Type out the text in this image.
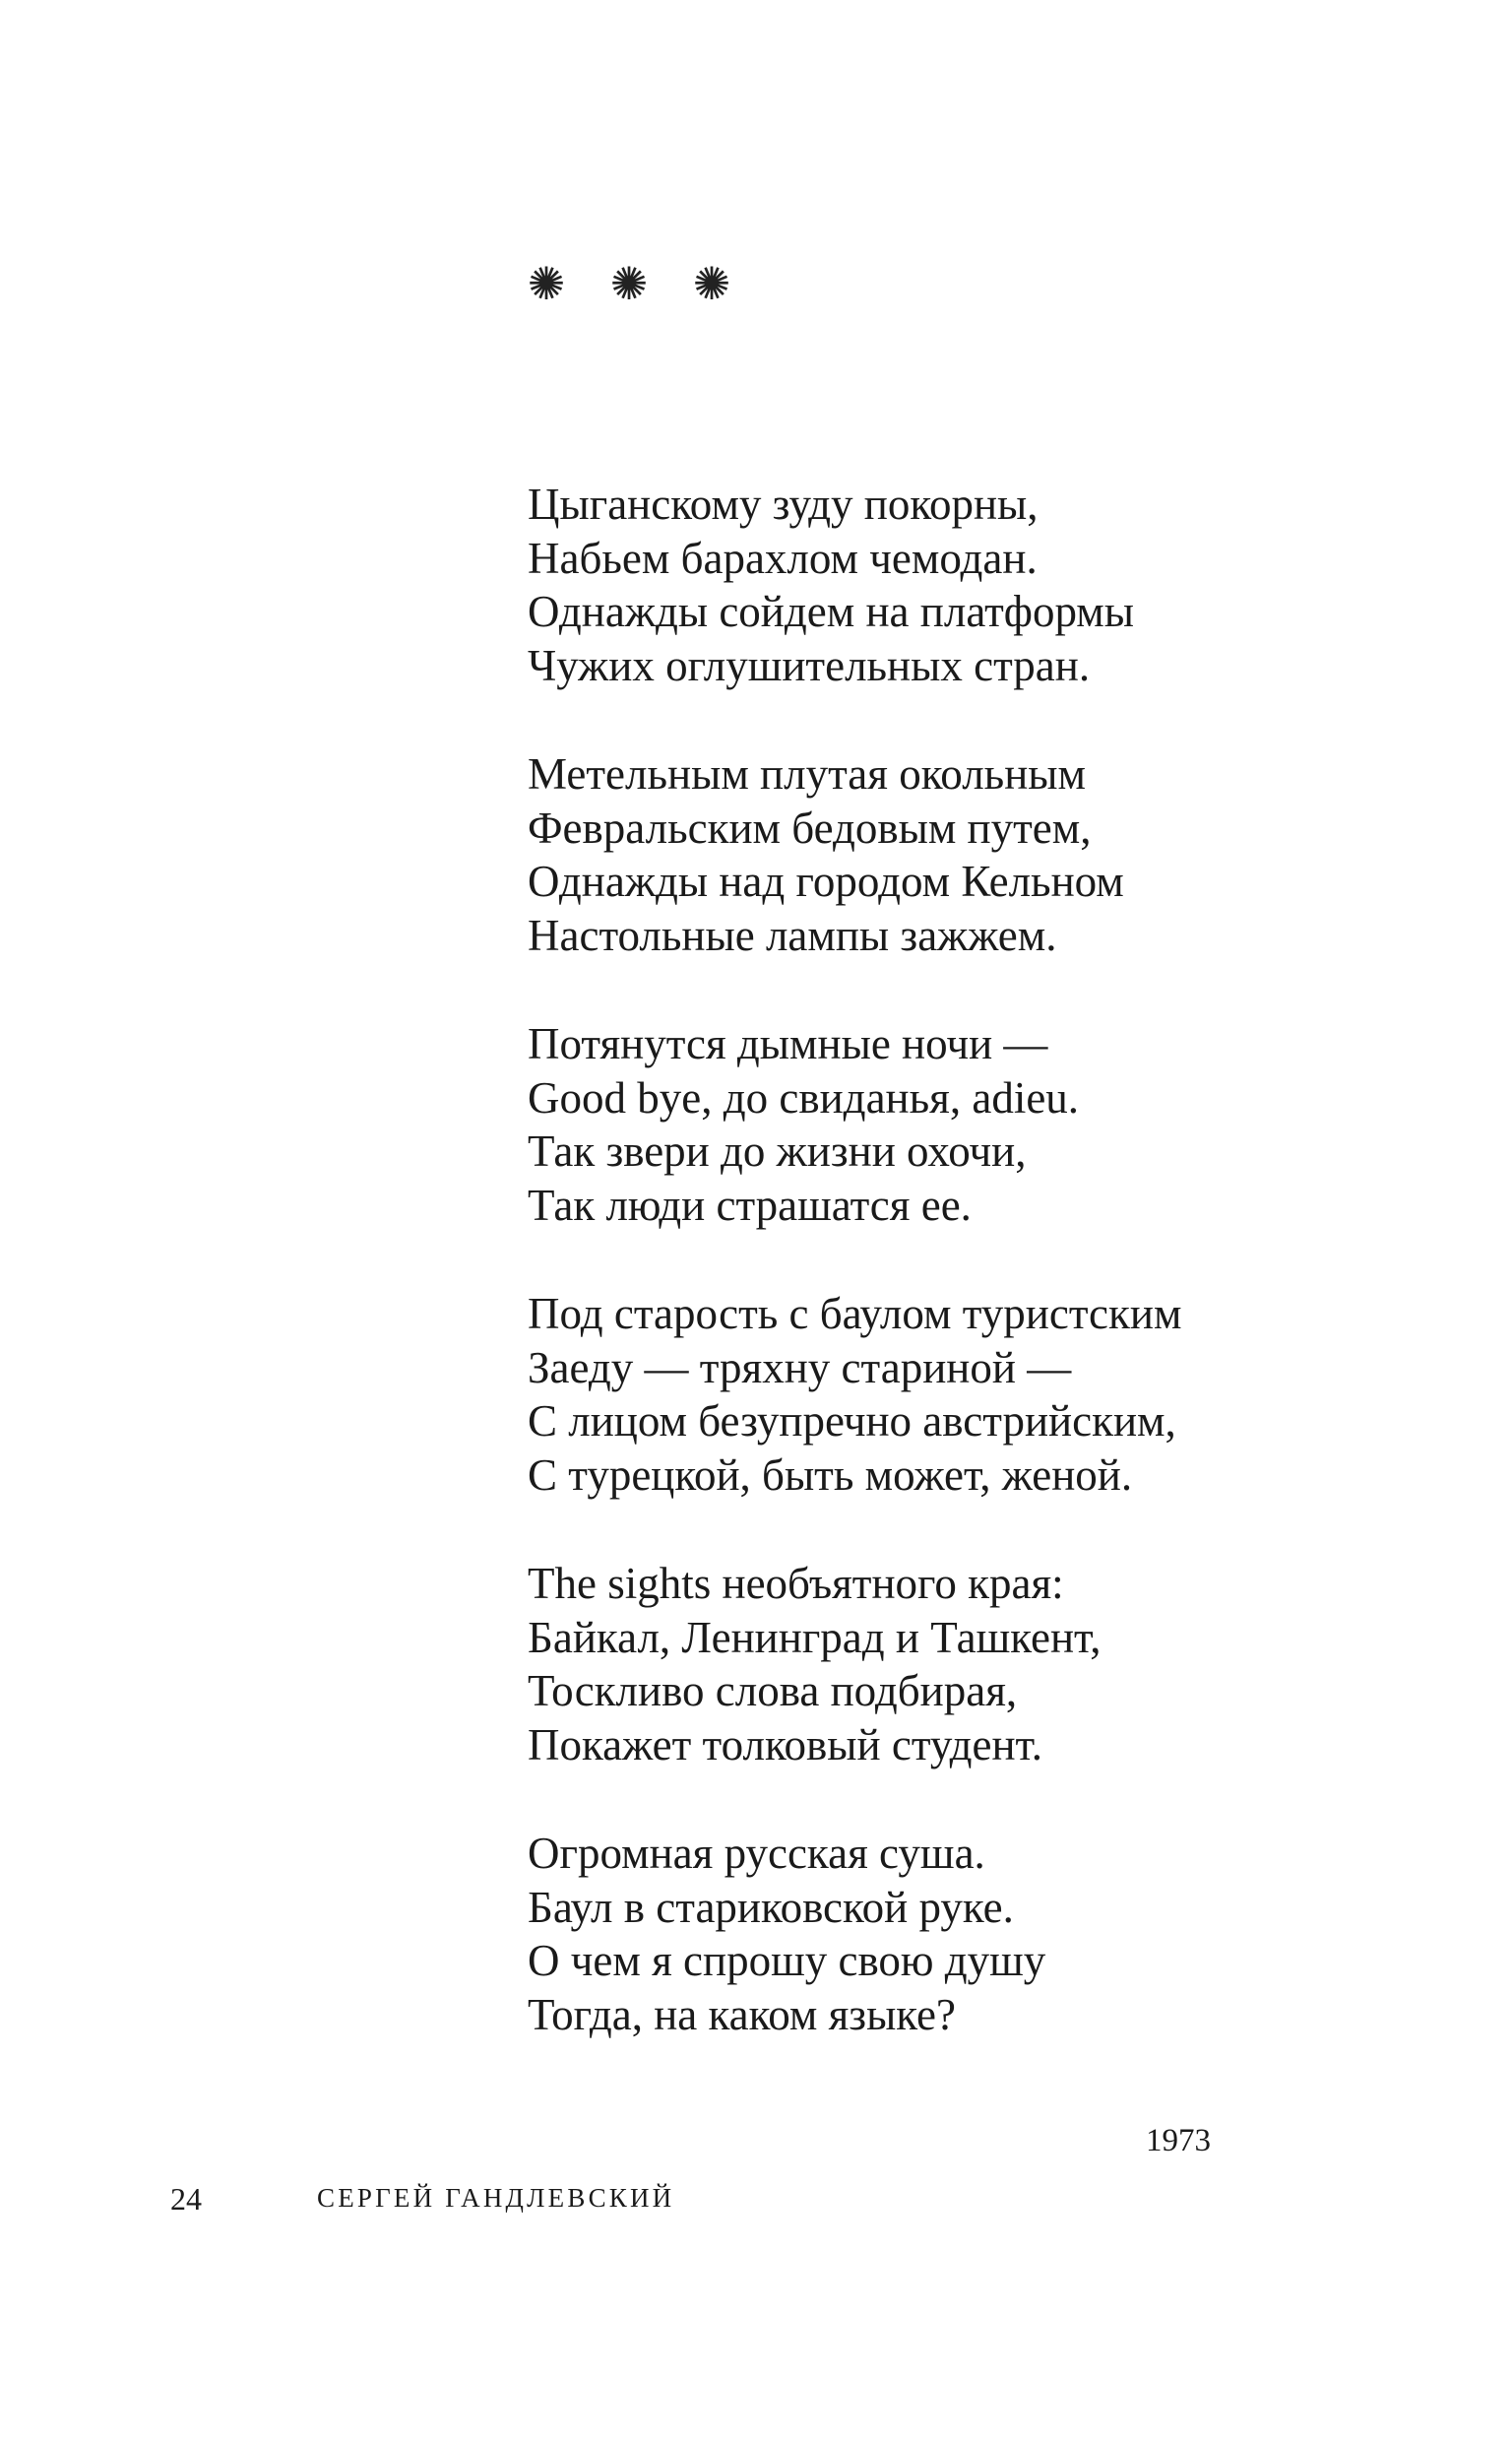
✺ ✺ ✺
Цыганскому зуду покорны,
Набьем барахлом чемодан.
Однажды сойдем на платформы
Чужих оглушительных стран.
Метельным плутая окольным
Февральским бедовым путем,
Однажды над городом Кельном
Настольные лампы зажжем.
Потянутся дымные ночи —
Good bye, до свиданья, adieu.
Так звери до жизни охочи,
Так люди страшатся ее.
Под старость с баулом туристским
Заеду — тряхну стариной —
С лицом безупречно австрийским,
С турецкой, быть может, женой.
The sights необъятного края:
Байкал, Ленинград и Ташкент,
Тоскливо слова подбирая,
Покажет толковый студент.
Огромная русская суша.
Баул в стариковской руке.
О чем я спрошу свою душу
Тогда, на каком языке?
1973
24	СЕРГЕЙ ГАНДЛЕВСКИЙ
